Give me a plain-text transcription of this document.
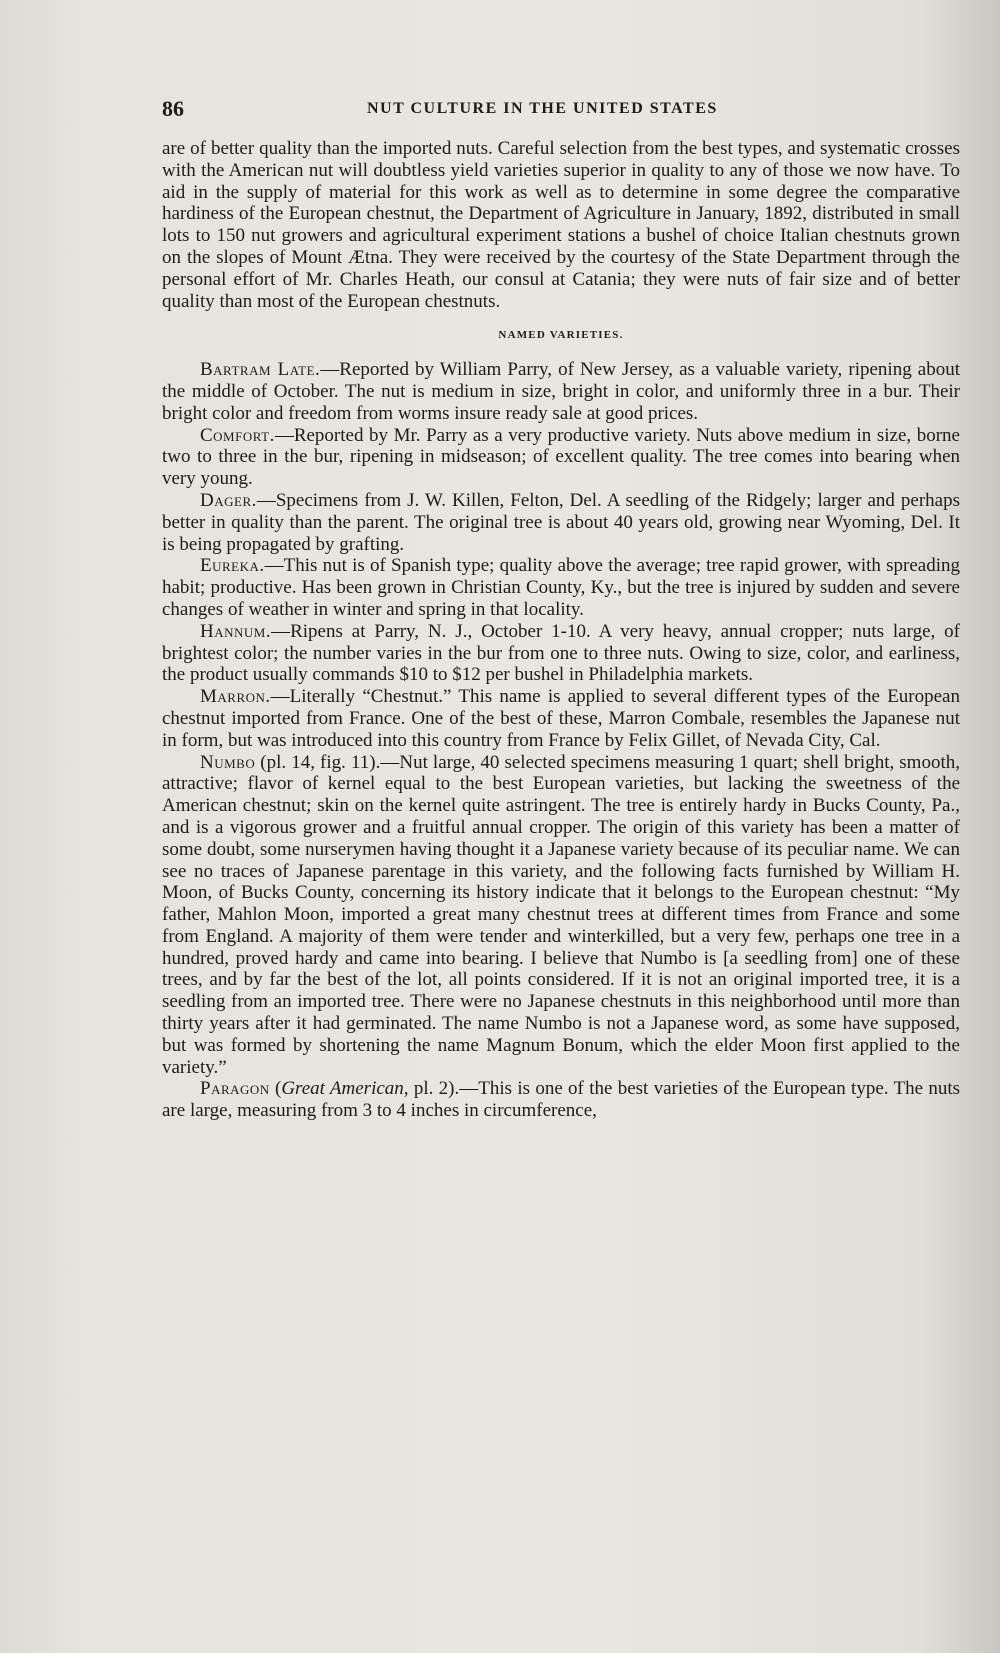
86	NUT CULTURE IN THE UNITED STATES

are of better quality than the imported nuts. Careful selection from the best types, and systematic crosses with the American nut will doubtless yield varieties superior in quality to any of those we now have. To aid in the supply of material for this work as well as to determine in some degree the comparative hardiness of the European chestnut, the Department of Agriculture in January, 1892, distributed in small lots to 150 nut growers and agricultural experiment stations a bushel of choice Italian chestnuts grown on the slopes of Mount Ætna. They were received by the courtesy of the State Department through the personal effort of Mr. Charles Heath, our consul at Catania; they were nuts of fair size and of better quality than most of the European chestnuts.

NAMED VARIETIES.

Bartram Late.—Reported by William Parry, of New Jersey, as a valuable variety, ripening about the middle of October. The nut is medium in size, bright in color, and uniformly three in a bur. Their bright color and freedom from worms insure ready sale at good prices.

Comfort.—Reported by Mr. Parry as a very productive variety. Nuts above medium in size, borne two to three in the bur, ripening in midseason; of excellent quality. The tree comes into bearing when very young.

Dager.—Specimens from J. W. Killen, Felton, Del. A seedling of the Ridgely; larger and perhaps better in quality than the parent. The original tree is about 40 years old, growing near Wyoming, Del. It is being propagated by grafting.

Eureka.—This nut is of Spanish type; quality above the average; tree rapid grower, with spreading habit; productive. Has been grown in Christian County, Ky., but the tree is injured by sudden and severe changes of weather in winter and spring in that locality.

Hannum.—Ripens at Parry, N. J., October 1-10. A very heavy, annual cropper; nuts large, of brightest color; the number varies in the bur from one to three nuts. Owing to size, color, and earliness, the product usually commands $10 to $12 per bushel in Philadelphia markets.

Marron.—Literally “Chestnut.” This name is applied to several different types of the European chestnut imported from France. One of the best of these, Marron Combale, resembles the Japanese nut in form, but was introduced into this country from France by Felix Gillet, of Nevada City, Cal.

Numbo (pl. 14, fig. 11).—Nut large, 40 selected specimens measuring 1 quart; shell bright, smooth, attractive; flavor of kernel equal to the best European varieties, but lacking the sweetness of the American chestnut; skin on the kernel quite astringent. The tree is entirely hardy in Bucks County, Pa., and is a vigorous grower and a fruitful annual cropper. The origin of this variety has been a matter of some doubt, some nurserymen having thought it a Japanese variety because of its peculiar name. We can see no traces of Japanese parentage in this variety, and the following facts furnished by William H. Moon, of Bucks County, concerning its history indicate that it belongs to the European chestnut: “My father, Mahlon Moon, imported a great many chestnut trees at different times from France and some from England. A majority of them were tender and winterkilled, but a very few, perhaps one tree in a hundred, proved hardy and came into bearing. I believe that Numbo is [a seedling from] one of these trees, and by far the best of the lot, all points considered. If it is not an original imported tree, it is a seedling from an imported tree. There were no Japanese chestnuts in this neighborhood until more than thirty years after it had germinated. The name Numbo is not a Japanese word, as some have supposed, but was formed by shortening the name Magnum Bonum, which the elder Moon first applied to the variety.”

Paragon (Great American, pl. 2).—This is one of the best varieties of the European type. The nuts are large, measuring from 3 to 4 inches in circumference,
